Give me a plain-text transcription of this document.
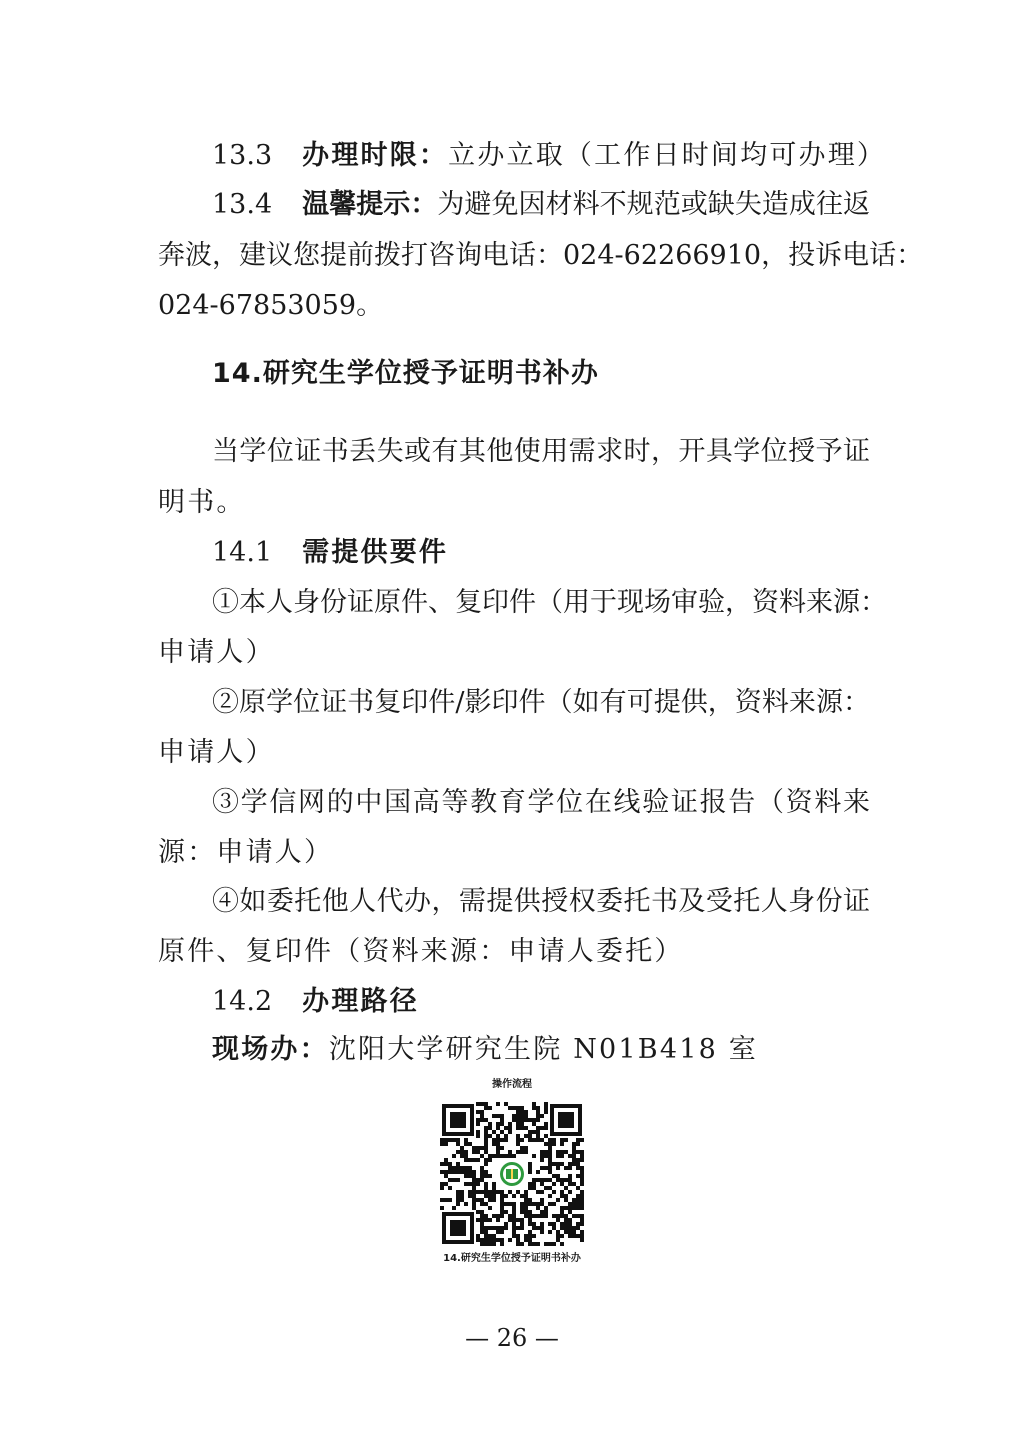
13.3 办理时限：立办立取（工作日时间均可办理）
13.4 温馨提示：为避免因材料不规范或缺失造成往返
奔波，建议您提前拨打咨询电话：024-62266910，投诉电话：
024-67853059。
14.研究生学位授予证明书补办
当学位证书丢失或有其他使用需求时，开具学位授予证
明书。
14.1 需提供要件
①本人身份证原件、复印件（用于现场审验，资料来源：
申请人）
②原学位证书复印件/影印件（如有可提供，资料来源：
申请人）
③学信网的中国高等教育学位在线验证报告（资料来
源：申请人）
④如委托他人代办，需提供授权委托书及受托人身份证
原件、复印件（资料来源：申请人委托）
14.2 办理路径
现场办：沈阳大学研究生院 N01B418 室
操作流程
14.研究生学位授予证明书补办
— 26 —
